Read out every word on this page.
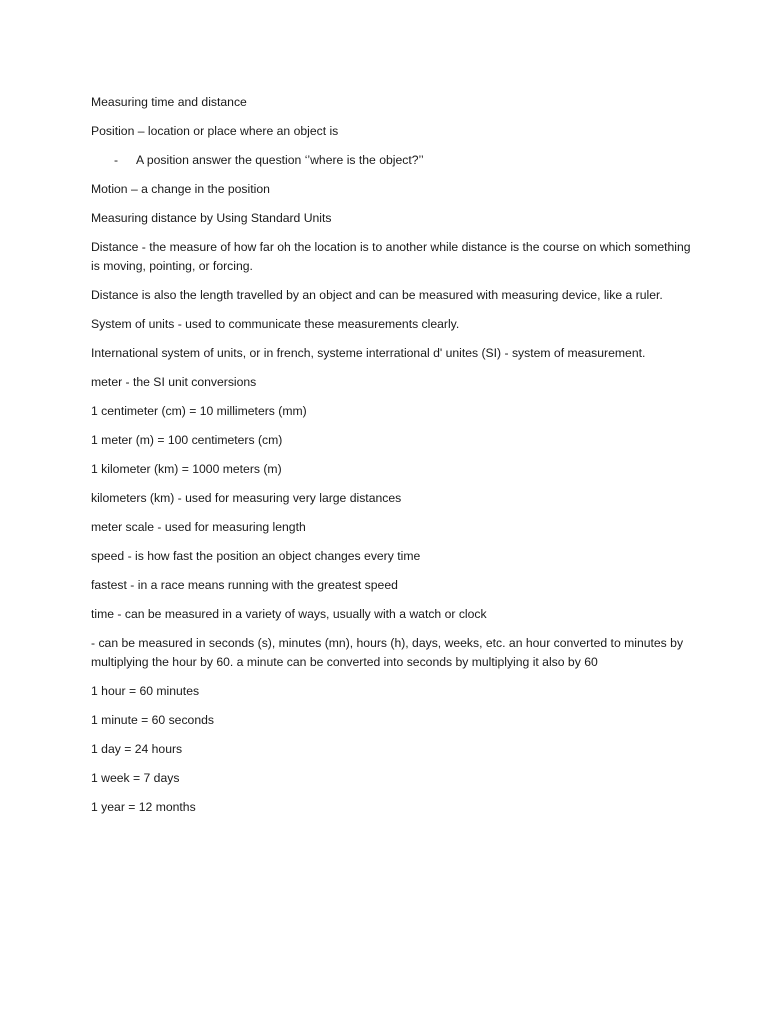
Measuring time and distance

Position – location or place where an object is

-	A position answer the question ‘’where is the object?’’

Motion – a change in the position

Measuring distance by Using Standard Units

Distance - the measure of how far oh the location is to another while distance is the course on which something is moving, pointing, or forcing.

Distance is also the length travelled by an object and can be measured with measuring device, like a ruler.

System of units - used to communicate these measurements clearly.

International system of units, or in french, systeme interrational d' unites (SI) - system of measurement.

meter - the SI unit conversions

1 centimeter (cm) = 10 millimeters (mm)

1 meter (m) = 100 centimeters (cm)

1 kilometer (km) = 1000 meters (m)

kilometers (km) - used for measuring very large distances

meter scale - used for measuring length

speed - is how fast the position an object changes every time

fastest - in a race means running with the greatest speed

time - can be measured in a variety of ways, usually with a watch or clock

- can be measured in seconds (s), minutes (mn), hours (h), days, weeks, etc. an hour converted to minutes by multiplying the hour by 60. a minute can be converted into seconds by multiplying it also by 60

1 hour = 60 minutes

1 minute = 60 seconds

1 day = 24 hours

1 week = 7 days

1 year = 12 months
